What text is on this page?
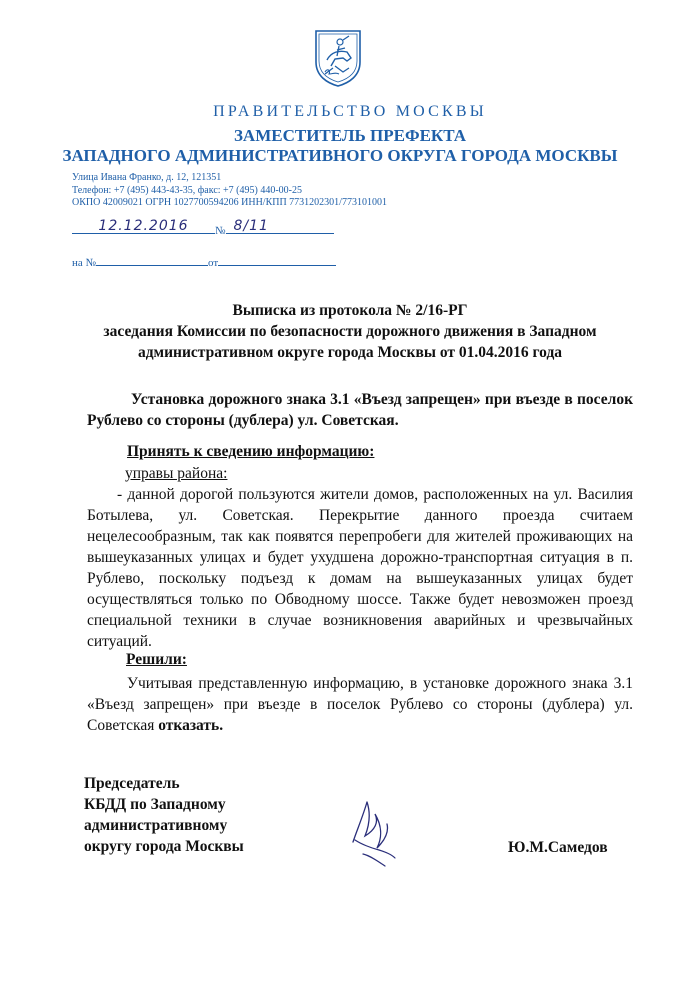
ПРАВИТЕЛЬСТВО МОСКВЫ
ЗАМЕСТИТЕЛЬ ПРЕФЕКТА
ЗАПАДНОГО АДМИНИСТРАТИВНОГО ОКРУГА ГОРОДА МОСКВЫ
Улица Ивана Франко, д. 12, 121351
Телефон: +7 (495) 443-43-35, факс: +7 (495) 440-00-25
ОКПО 42009021 ОГРН 1027700594206 ИНН/КПП 7731202301/773101001
12.12.2016	№ 8/11
на №	от
Выписка из протокола № 2/16-РГ
заседания Комиссии по безопасности дорожного движения в Западном
административном округе города Москвы от 01.04.2016 года
Установка дорожного знака 3.1 «Въезд запрещен» при въезде в поселок Рублево со стороны (дублера) ул. Советская.
Принять к сведению информацию:
управы района:
- данной дорогой пользуются жители домов, расположенных на ул. Василия Ботылева, ул. Советская. Перекрытие данного проезда считаем нецелесообразным, так как появятся перепробеги для жителей проживающих на вышеуказанных улицах и будет ухудшена дорожно-транспортная ситуация в п. Рублево, поскольку подъезд к домам на вышеуказанных улицах будет осуществляться только по Обводному шоссе. Также будет невозможен проезд специальной техники в случае возникновения аварийных и чрезвычайных ситуаций.
Решили:
Учитывая представленную информацию, в установке дорожного знака 3.1 «Въезд запрещен» при въезде в поселок Рублево со стороны (дублера) ул. Советская отказать.
Председатель
КБДД по Западному
административному
округу города Москвы	Ю.М.Самедов
